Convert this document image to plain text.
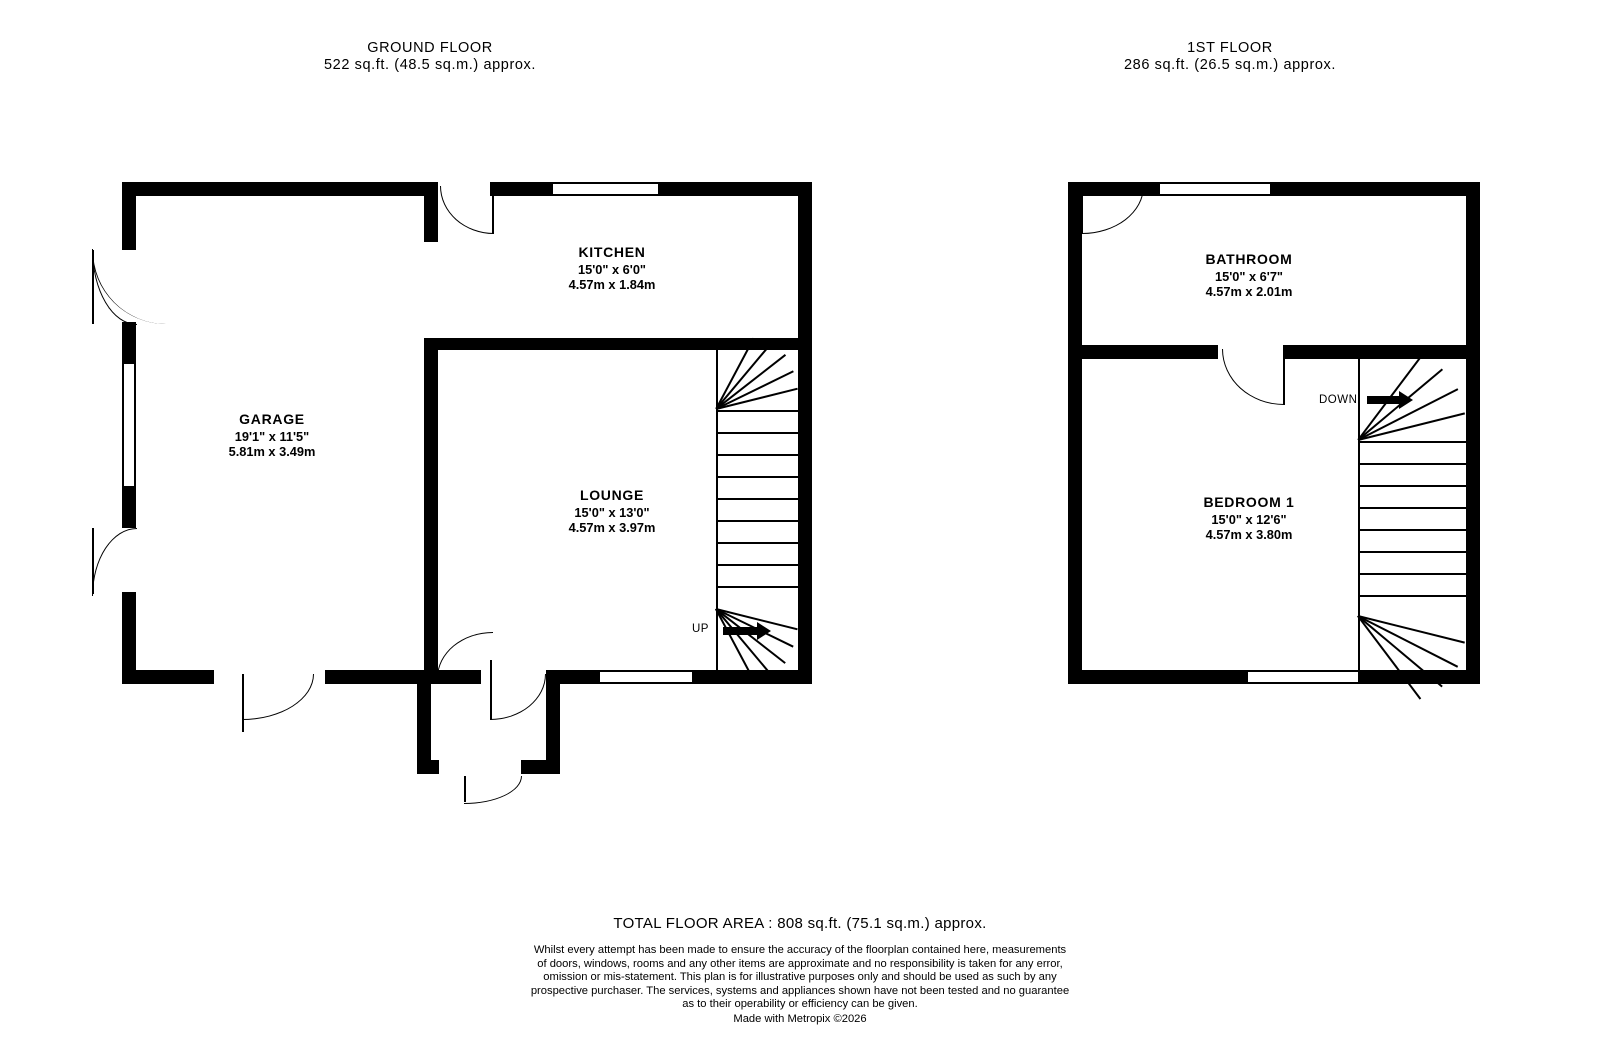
GROUND FLOOR
522 sq.ft. (48.5 sq.m.) approx.
1ST FLOOR
286 sq.ft. (26.5 sq.m.) approx.
UP
GARAGE
19'1" x 11'5"
5.81m x 3.49m
KITCHEN
15'0" x 6'0"
4.57m x 1.84m
LOUNGE
15'0" x 13'0"
4.57m x 3.97m
DOWN
BATHROOM
15'0" x 6'7"
4.57m x 2.01m
BEDROOM 1
15'0" x 12'6"
4.57m x 3.80m
TOTAL FLOOR AREA : 808 sq.ft. (75.1 sq.m.) approx.
Whilst every attempt has been made to ensure the accuracy of the floorplan contained here, measurements
of doors, windows, rooms and any other items are approximate and no responsibility is taken for any error,
omission or mis-statement. This plan is for illustrative purposes only and should be used as such by any
prospective purchaser. The services, systems and appliances shown have not been tested and no guarantee
as to their operability or efficiency can be given.
Made with Metropix ©2026
